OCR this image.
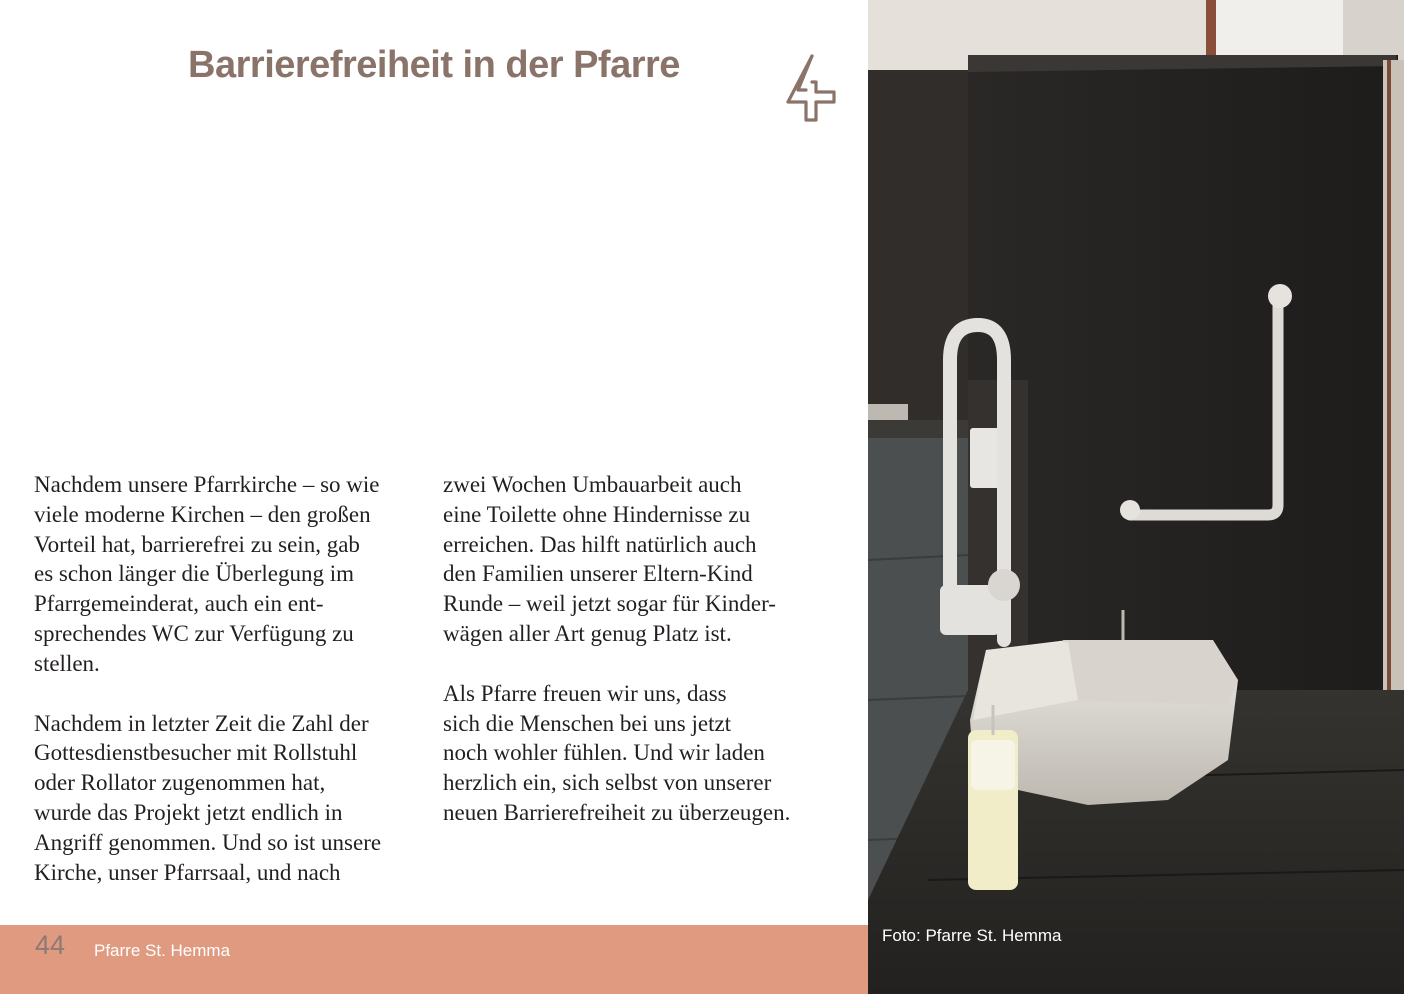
Barrierefreiheit in der Pfarre

Nachdem unsere Pfarrkirche – so wie
viele moderne Kirchen – den großen
Vorteil hat, barrierefrei zu sein, gab
es schon länger die Überlegung im
Pfarrgemeinderat, auch ein ent-
sprechendes WC zur Verfügung zu
stellen.

Nachdem in letzter Zeit die Zahl der
Gottesdienstbesucher mit Rollstuhl
oder Rollator zugenommen hat,
wurde das Projekt jetzt endlich in
Angriff genommen. Und so ist unsere
Kirche, unser Pfarrsaal, und nach

zwei Wochen Umbauarbeit auch
eine Toilette ohne Hindernisse zu
erreichen. Das hilft natürlich auch
den Familien unserer Eltern-Kind
Runde – weil jetzt sogar für Kinder-
wägen aller Art genug Platz ist.

Als Pfarre freuen wir uns, dass
sich die Menschen bei uns jetzt
noch wohler fühlen. Und wir laden
herzlich ein, sich selbst von unserer
neuen Barrierefreiheit zu überzeugen.

44 Pfarre St. Hemma
Foto: Pfarre St. Hemma
